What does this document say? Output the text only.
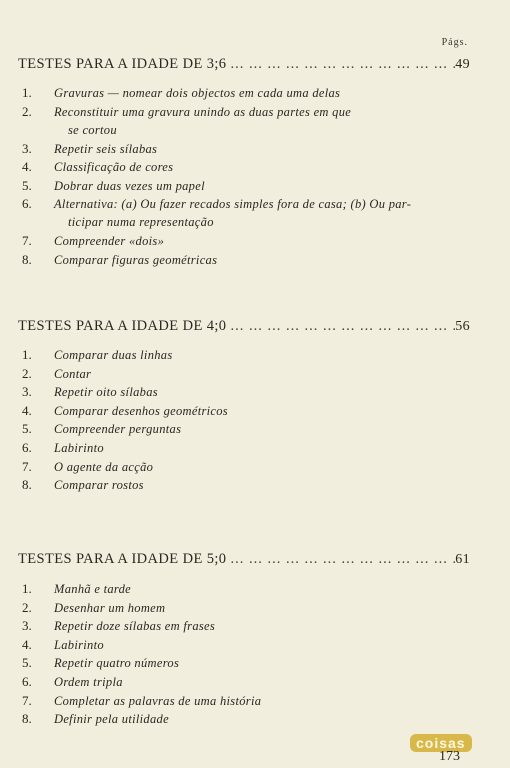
Págs.
TESTES PARA A IDADE DE 3;6 ... .	49
1.	Gravuras — nomear dois objectos em cada uma delas
2.	Reconstituir uma gravura unindo as duas partes em que
se cortou
3.	Repetir seis sílabas
4.	Classificação de cores
5.	Dobrar duas vezes um papel
6.	Alternativa: (a) Ou fazer recados simples fora de casa; (b) Ou par-
ticipar numa representação
7.	Compreender «dois»
8.	Comparar figuras geométricas
TESTES PARA A IDADE DE 4;0 ... .	56
1.	Comparar duas linhas
2.	Contar
3.	Repetir oito sílabas
4.	Comparar desenhos geométricos
5.	Compreender perguntas
6.	Labirinto
7.	O agente da acção
8.	Comparar rostos
TESTES PARA A IDADE DE 5;0 ... .	61
1.	Manhã e tarde
2.	Desenhar um homem
3.	Repetir doze sílabas em frases
4.	Labirinto
5.	Repetir quatro números
6.	Ordem tripla
7.	Completar as palavras de uma história
8.	Definir pela utilidade
coisas
173
